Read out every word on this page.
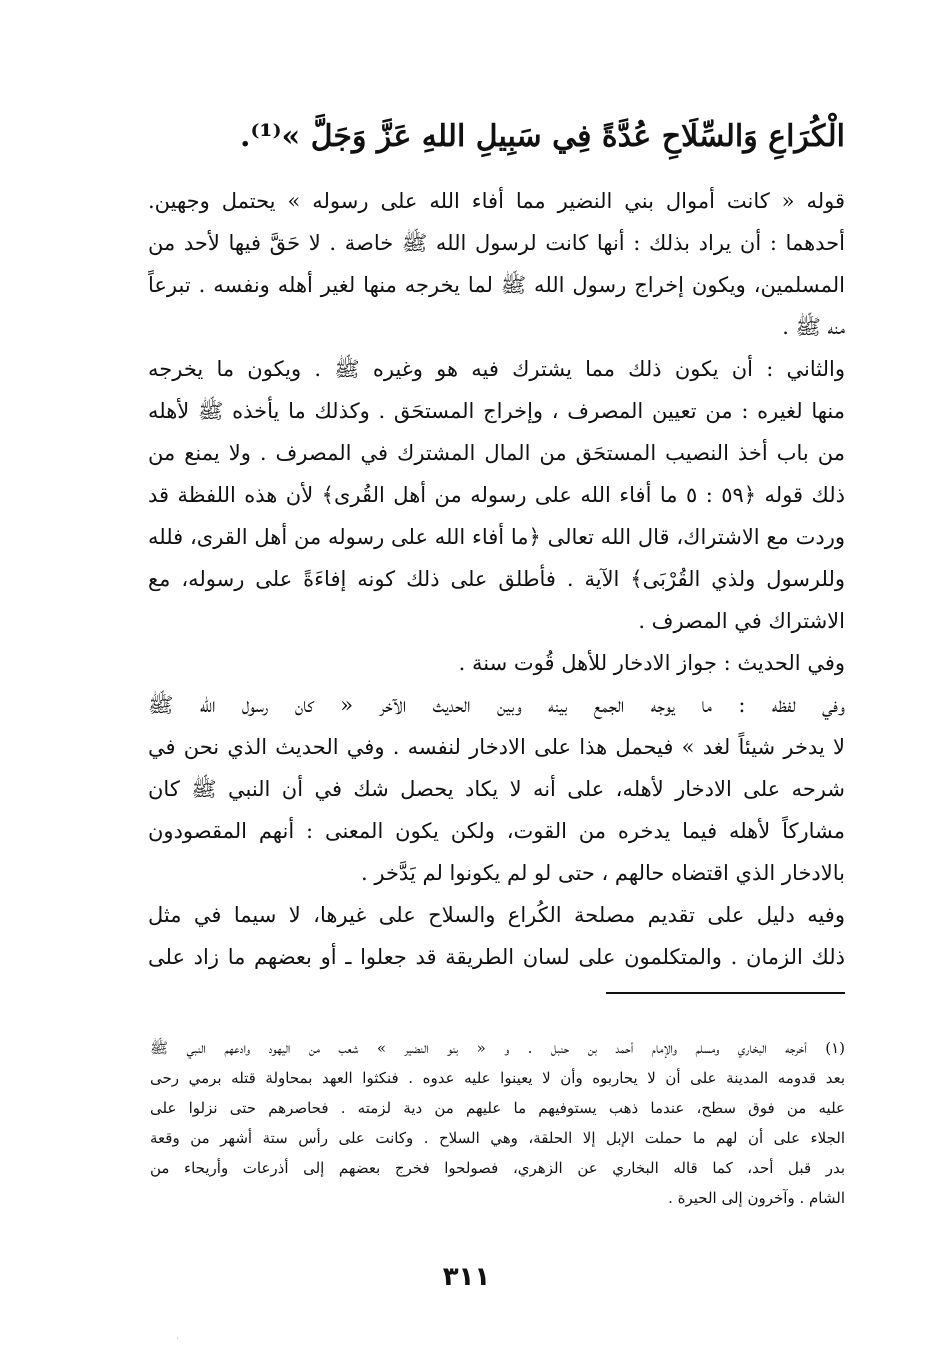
الْكُرَاعِ وَالسِّلَاحِ عُدَّةً فِي سَبِيلِ اللهِ عَزَّ وَجَلَّ »⁽¹⁾.
قوله « كانت أموال بني النضير مما أفاء الله على رسوله » يحتمل وجهين.
أحدهما : أن يراد بذلك : أنها كانت لرسول الله ﷺ خاصة . لا حَقَّ فيها لأحد من
المسلمين، ويكون إخراج رسول الله ﷺ لما يخرجه منها لغير أهله ونفسه . تبرعاً
منه ﷺ .
والثاني : أن يكون ذلك مما يشترك فيه هو وغيره ﷺ . ويكون ما يخرجه
منها لغيره : من تعيين المصرف ، وإخراج المستحَق . وكذلك ما يأخذه ﷺ لأهله
من باب أخذ النصيب المستحَق من المال المشترك في المصرف . ولا يمنع من
ذلك قوله ﴿٥٩ : ٥ ما أفاء الله على رسوله من أهل القُرى﴾ لأن هذه اللفظة قد
وردت مع الاشتراك، قال الله تعالى ﴿ما أفاء الله على رسوله من أهل القرى، فلله
وللرسول ولذي القُرْبَى﴾ الآية . فأطلق على ذلك كونه إفاءَةً على رسوله، مع
الاشتراك في المصرف .
وفي الحديث : جواز الادخار للأهل قُوت سنة .
وفي لفظه : ما يوجه الجمع بينه وبين الحديث الآخر « كان رسول الله ﷺ
لا يدخر شيئاً لغد » فيحمل هذا على الادخار لنفسه . وفي الحديث الذي نحن في
شرحه على الادخار لأهله، على أنه لا يكاد يحصل شك في أن النبي ﷺ كان
مشاركاً لأهله فيما يدخره من القوت، ولكن يكون المعنى : أنهم المقصودون
بالادخار الذي اقتضاه حالهم ، حتى لو لم يكونوا لم يَدَّخر .
وفيه دليل على تقديم مصلحة الكُراع والسلاح على غيرها، لا سيما في مثل
ذلك الزمان . والمتكلمون على لسان الطريقة قد جعلوا ـ أو بعضهم ما زاد على
(١) أخرجه البخاري ومسلم والإمام أحمد بن حنبل . و « بنو النضير » شعب من اليهود وادعهم النبي ﷺ
بعد قدومه المدينة على أن لا يحاربوه وأن لا يعينوا عليه عدوه . فنكثوا العهد بمحاولة قتله برمي رحى
عليه من فوق سطح، عندما ذهب يستوفيهم ما عليهم من دية لزمته . فحاصرهم حتى نزلوا على
الجلاء على أن لهم ما حملت الإبل إلا الحلقة، وهي السلاح . وكانت على رأس ستة أشهر من وقعة
بدر قبل أحد، كما قاله البخاري عن الزهري، فصولحوا فخرج بعضهم إلى أذرعات وأريحاء من
الشام . وآخرون إلى الحيرة .
٣١١
·
